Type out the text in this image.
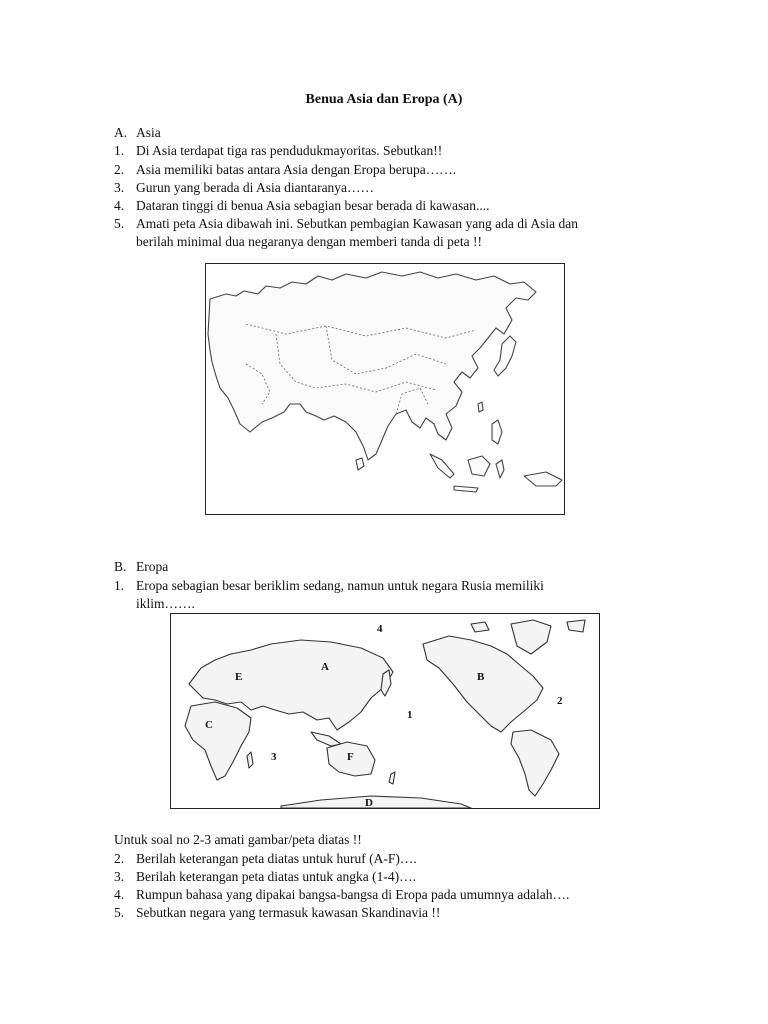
Benua Asia dan Eropa (A)
A. Asia
1. Di Asia terdapat tiga ras pendudukmayoritas. Sebutkan!!
2. Asia memiliki batas antara Asia dengan Eropa berupa…….
3. Gurun yang berada di Asia diantaranya……
4. Dataran tinggi di benua Asia sebagian besar berada di kawasan....
5. Amati peta Asia dibawah ini. Sebutkan pembagian Kawasan yang ada di Asia dan
berilah minimal dua negaranya dengan memberi tanda di peta !!
B. Eropa
1. Eropa sebagian besar beriklim sedang, namun untuk negara Rusia memiliki
iklim…….
A
B
C
D
E
F
1
2
3
4
Untuk soal no 2-3 amati gambar/peta diatas !!
2. Berilah keterangan peta diatas untuk huruf (A-F)….
3. Berilah keterangan peta diatas untuk angka (1-4)….
4. Rumpun bahasa yang dipakai bangsa-bangsa di Eropa pada umumnya adalah….
5. Sebutkan negara yang termasuk kawasan Skandinavia !!
